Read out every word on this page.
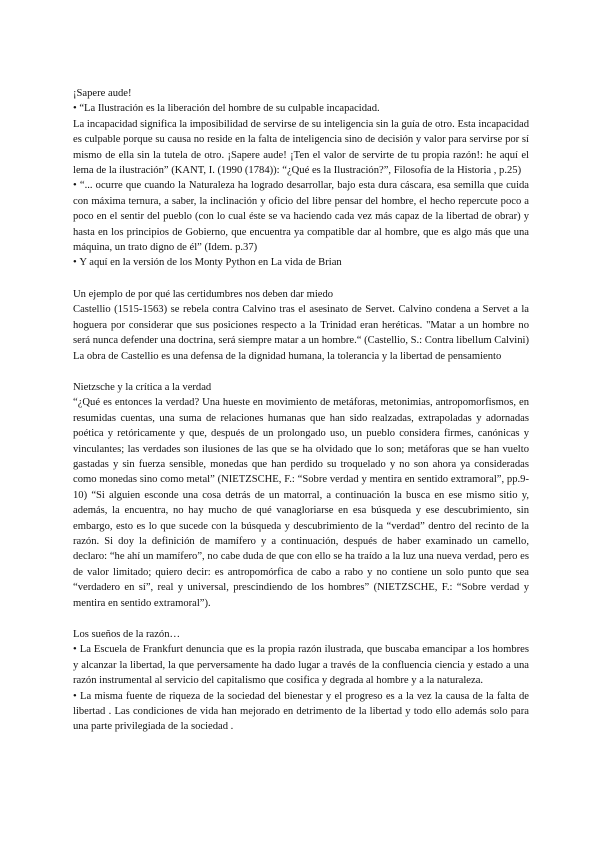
¡Sapere aude!

• “La Ilustración es la liberación del hombre de su culpable incapacidad.

La incapacidad significa la imposibilidad de servirse de su inteligencia sin la guía de otro. Esta incapacidad es culpable porque su causa no reside en la falta de inteligencia sino de decisión y valor para servirse por sí mismo de ella sin la tutela de otro. ¡Sapere aude! ¡Ten el valor de servirte de tu propia razón!: he aquí el lema de la ilustración” (KANT, I. (1990 (1784)): “¿Qué es la Ilustración?”, Filosofía de la Historia , p.25)

• “... ocurre que cuando la Naturaleza ha logrado desarrollar, bajo esta dura cáscara, esa semilla que cuida con máxima ternura, a saber, la inclinación y oficio del libre pensar del hombre, el hecho repercute poco a poco en el sentir del pueblo (con lo cual éste se va haciendo cada vez más capaz de la libertad de obrar) y hasta en los principios de Gobierno, que encuentra ya compatible dar al hombre, que es algo más que una máquina, un trato digno de él” (Idem. p.37)

• Y aquí en la versión de los Monty Python en La vida de Brian

Un ejemplo de por qué las certidumbres nos deben dar miedo

Castellio (1515-1563) se rebela contra Calvino tras el asesinato de Servet. Calvino condena a Servet a la hoguera por considerar que sus posiciones respecto a la Trinidad eran heréticas. "Matar a un hombre no será nunca defender una doctrina, será siempre matar a un hombre.“ (Castellio, S.: Contra libellum Calvini) La obra de Castellio es una defensa de la dignidad humana, la tolerancia y la libertad de pensamiento

Nietzsche y la crítica a la verdad

“¿Qué es entonces la verdad? Una hueste en movimiento de metáforas, metonimias, antropomorfismos, en resumidas cuentas, una suma de relaciones humanas que han sido realzadas, extrapoladas y adornadas poética y retóricamente y que, después de un prolongado uso, un pueblo considera firmes, canónicas y vinculantes; las verdades son ilusiones de las que se ha olvidado que lo son; metáforas que se han vuelto gastadas y sin fuerza sensible, monedas que han perdido su troquelado y no son ahora ya consideradas como monedas sino como metal” (NIETZSCHE, F.: “Sobre verdad y mentira en sentido extramoral”, pp.9-10) “Si alguien esconde una cosa detrás de un matorral, a continuación la busca en ese mismo sitio y, además, la encuentra, no hay mucho de qué vanagloriarse en esa búsqueda y ese descubrimiento, sin embargo, esto es lo que sucede con la búsqueda y descubrimiento de la “verdad” dentro del recinto de la razón. Si doy la definición de mamífero y a continuación, después de haber examinado un camello, declaro: “he ahí un mamífero”, no cabe duda de que con ello se ha traído a la luz una nueva verdad, pero es de valor limitado; quiero decir: es antropomórfica de cabo a rabo y no contiene un solo punto que sea “verdadero en sí”, real y universal, prescindiendo de los hombres” (NIETZSCHE, F.: “Sobre verdad y mentira en sentido extramoral”).

Los sueños de la razón…

• La Escuela de Frankfurt denuncia que es la propia razón ilustrada, que buscaba emancipar a los hombres y alcanzar la libertad, la que perversamente ha dado lugar a través de la confluencia ciencia y estado a una razón instrumental al servicio del capitalismo que cosifica y degrada al hombre y a la naturaleza.

• La misma fuente de riqueza de la sociedad del bienestar y el progreso es a la vez la causa de la falta de libertad . Las condiciones de vida han mejorado en detrimento de la libertad y todo ello además solo para una parte privilegiada de la sociedad .
